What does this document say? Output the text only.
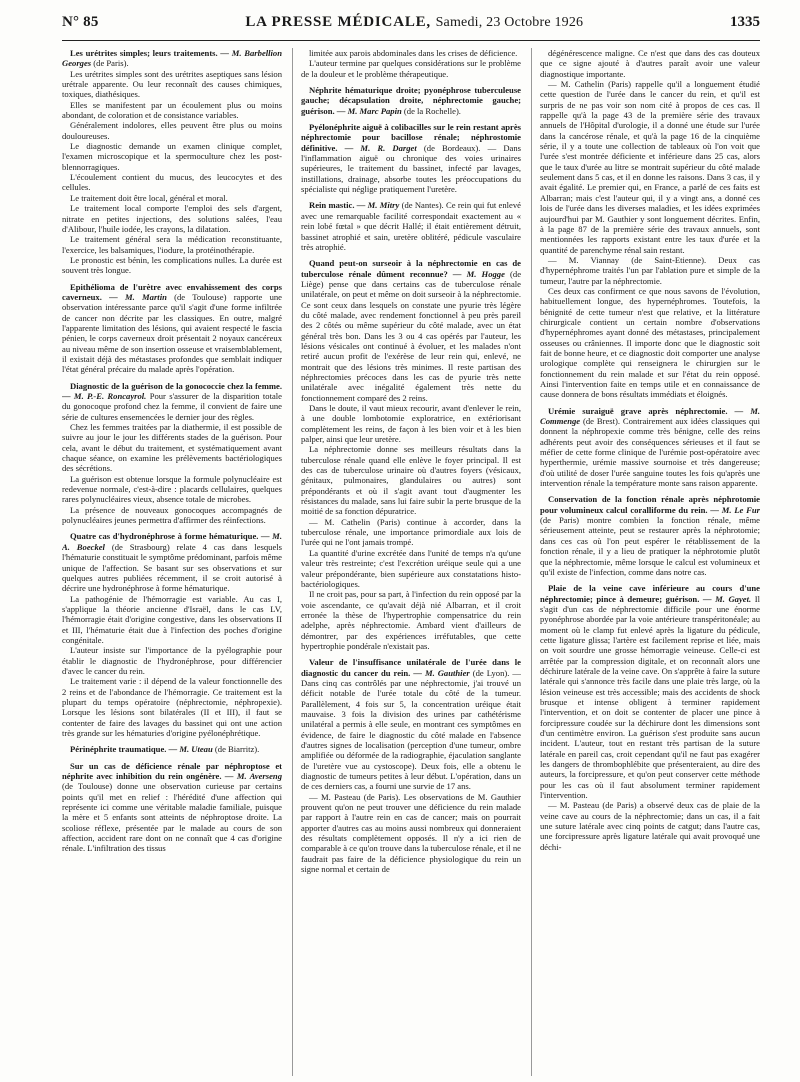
N° 85	LA PRESSE MÉDICALE, Samedi, 23 Octobre 1926	1335

Les urétrites simples; leurs traitements. — M. Barbellion Georges (de Paris).

Les urétrites simples sont des urétrites aseptiques sans lésion urétrale apparente. Ou leur reconnaît des causes chimiques, toxiques, diathésiques.

Elles se manifestent par un écoulement plus ou moins abondant, de coloration et de consistance variables.

Généralement indolores, elles peuvent être plus ou moins douloureuses.

Le diagnostic demande un examen clinique complet, l'examen microscopique et la spermoculture chez les post-blennorragiques.

L'écoulement contient du mucus, des leucocytes et des cellules.

Le traitement doit être local, général et moral.

Le traitement local comporte l'emploi des sels d'argent, nitrate en petites injections, des solutions salées, l'eau d'Alibour, l'huile iodée, les crayons, la dilatation.

Le traitement général sera la médication reconstituante, l'exercice, les balsamiques, l'iodure, la protéinothérapie.

Le pronostic est bénin, les complications nulles. La durée est souvent très longue.

Epithélioma de l'urètre avec envahissement des corps caverneux. — M. Martin (de Toulouse) rapporte une observation intéressante parce qu'il s'agit d'une forme infiltrée de cancer non décrite par les classiques. En outre, malgré l'apparente limitation des lésions, qui avaient respecté le fascia pénien, le corps caverneux droit présentait 2 noyaux cancéreux au niveau même de son insertion osseuse et vraisemblablement, il existait déjà des métastases profondes que semblait indiquer l'état général précaire du malade après l'opération.

Diagnostic de la guérison de la gonococcie chez la femme. — M. P.-E. Roncayrol. Pour s'assurer de la disparition totale du gonocoque profond chez la femme, il convient de faire une série de cultures ensemencées le dernier jour des règles.

Chez les femmes traitées par la diathermie, il est possible de suivre au jour le jour les différents stades de la guérison. Pour cela, avant le début du traitement, et systématiquement avant chaque séance, on examine les prélèvements bactériologiques des sécrétions.

La guérison est obtenue lorsque la formule polynucléaire est redevenue normale, c'est-à-dire : placards cellulaires, quelques rares polynucléaires vieux, absence totale de microbes.

La présence de nouveaux gonocoques accompagnés de polynucléaires jeunes permettra d'affirmer des réinfections.

Quatre cas d'hydronéphrose à forme hématurique. — M. A. Boeckel (de Strasbourg) relate 4 cas dans lesquels l'hématurie constituait le symptôme prédominant, parfois même unique de l'affection. Se basant sur ses observations et sur quelques autres publiées récemment, il se croit autorisé à décrire une hydronéphrose à forme hématurique.

La pathogénie de l'hémorragie est variable. Au cas I, s'applique la théorie ancienne d'Israël, dans le cas LV, l'hémorragie était d'origine congestive, dans les observations II et III, l'hématurie était due à l'infection des poches d'origine congénitale.

L'auteur insiste sur l'importance de la pyélographie pour établir le diagnostic de l'hydronéphrose, pour différencier d'avec le cancer du rein.

Le traitement varie : il dépend de la valeur fonctionnelle des 2 reins et de l'abondance de l'hémorragie. Ce traitement est la plupart du temps opératoire (néphrectomie, néphropexie). Lorsque les lésions sont bilatérales (II et III), il faut se contenter de faire des lavages du bassinet qui ont une action très grande sur les hématuries d'origine pyélonéphrétique.

Périnéphrite traumatique. — M. Uteau (de Biarritz).

Sur un cas de déficience rénale par néphroptose et néphrite avec inhibition du rein ongénère. — M. Averseng (de Toulouse) donne une observation curieuse par certains points qu'il met en relief : l'hérédité d'une affection qui représente ici comme une véritable maladie familiale, puisque la mère et 5 enfants sont atteints de néphroptose droite. La scoliose réflexe, présentée par le malade au cours de son affection, accident rare dont on ne connaît que 4 cas d'origine rénale. L'infiltration des tissus

limitée aux parois abdominales dans les crises de déficience.

L'auteur termine par quelques considérations sur le problème de la douleur et le problème thérapeutique.

Néphrite hématurique droite; pyonéphrose tuberculeuse gauche; décapsulation droite, néphrectomie gauche; guérison. — M. Marc Papin (de la Rochelle).

Pyélonéphrite aiguë à colibacilles sur le rein restant après néphrectomie pour bacillose rénale; néphrostomie définitive. — M. R. Darget (de Bordeaux). — Dans l'inflammation aiguë ou chronique des voies urinaires supérieures, le traitement du bassinet, infecté par lavages, instillations, drainage, absorbe toutes les préoccupations du spécialiste qui néglige pratiquement l'uretère.

Rein mastic. — M. Mitry (de Nantes). Ce rein qui fut enlevé avec une remarquable facilité correspondait exactement au « rein lobé fœtal » que décrit Hallé; il était entièrement détruit, bassinet atrophié et sain, uretère oblitéré, pédicule vasculaire très atrophié.

Quand peut-on surseoir à la néphrectomie en cas de tuberculose rénale dûment reconnue? — M. Hogge (de Liège) pense que dans certains cas de tuberculose rénale unilatérale, on peut et même on doit surseoir à la néphrectomie. Ce sont ceux dans lesquels on constate une pyurie très légère du côté malade, avec rendement fonctionnel à peu près pareil des 2 côtés ou même supérieur du côté malade, avec un état général très bon. Dans les 3 ou 4 cas opérés par l'auteur, les lésions vésicales ont continué à évoluer, et les malades n'ont retiré aucun profit de l'exérèse de leur rein qui, enlevé, ne montrait que des lésions très minimes. Il reste partisan des néphrectomies précoces dans les cas de pyurie très nette unilatérale avec inégalité également très nette du fonctionnement comparé des 2 reins.

Dans le doute, il vaut mieux recourir, avant d'enlever le rein, à une double lombotomie exploratrice, en extériorisant complètement les reins, de façon à les bien voir et à les bien palper, ainsi que leur uretère.

La néphrectomie donne ses meilleurs résultats dans la tuberculose rénale quand elle enlève le foyer principal. Il est des cas de tuberculose urinaire où d'autres foyers (vésicaux, génitaux, pulmonaires, glandulaires ou autres) sont prépondérants et où il s'agit avant tout d'augmenter les résistances du malade, sans lui faire subir la perte brusque de la moitié de sa fonction dépuratrice.

— M. Cathelin (Paris) continue à accorder, dans la tuberculose rénale, une importance primordiale aux lois de l'urée qui ne l'ont jamais trompé.

La quantité d'urine excrétée dans l'unité de temps n'a qu'une valeur très restreinte; c'est l'excrétion uréique seule qui a une valeur prépondérante, bien supérieure aux constatations histo-bactériologiques.

Il ne croit pas, pour sa part, à l'infection du rein opposé par la voie ascendante, ce qu'avait déjà nié Albarran, et il croit erronée la thèse de l'hypertrophie compensatrice du rein adelphe, après néphrectomie. Ambard vient d'ailleurs de démontrer, par des expériences irréfutables, que cette hypertrophie pondérale n'existait pas.

Valeur de l'insuffisance unilatérale de l'urée dans le diagnostic du cancer du rein. — M. Gauthier (de Lyon). — Dans cinq cas contrôlés par une néphrectomie, j'ai trouvé un déficit notable de l'urée totale du côté de la tumeur. Parallèlement, 4 fois sur 5, la concentration uréique était mauvaise. 3 fois la division des urines par cathétérisme unilatéral a permis à elle seule, en montrant ces symptômes en évidence, de faire le diagnostic du côté malade en l'absence d'autres signes de localisation (perception d'une tumeur, ombre amplifiée ou déformée de la radiographie, éjaculation sanglante de l'uretère vue au cystoscope). Deux fois, elle a obtenu le diagnostic de tumeurs petites à leur début. L'opération, dans un de ces derniers cas, a fourni une survie de 17 ans.

— M. Pasteau (de Paris). Les observations de M. Gauthier prouvent qu'on ne peut trouver une déficience du rein malade par rapport à l'autre rein en cas de cancer; mais on pourrait apporter d'autres cas au moins aussi nombreux qui donneraient des résultats complètement opposés. Il n'y a ici rien de comparable à ce qu'on trouve dans la tuberculose rénale, et il ne faudrait pas faire de la déficience physiologique du rein un signe normal et certain de

dégénérescence maligne. Ce n'est que dans des cas douteux que ce signe ajouté à d'autres paraît avoir une valeur diagnostique importante.

— M. Cathelin (Paris) rappelle qu'il a longuement étudié cette question de l'urée dans le cancer du rein, et qu'il est surpris de ne pas voir son nom cité à propos de ces cas. Il rappelle qu'à la page 43 de la première série des travaux annuels de l'Hôpital d'urologie, il a donné une étude sur l'urée dans la cancérose rénale, et qu'à la page 16 de la cinquième série, il y a toute une collection de tableaux où l'on voit que l'urée s'est montrée déficiente et inférieure dans 25 cas, alors que le taux d'urée au litre se montrait supérieur du côté malade seulement dans 5 cas, et il en donne les raisons. Dans 3 cas, il y avait égalité. Le premier qui, en France, a parlé de ces faits est Albarran; mais c'est l'auteur qui, il y a vingt ans, a donné ces lois de l'urée dans les diverses maladies, et les idées exprimées aujourd'hui par M. Gauthier y sont longuement décrites. Enfin, à la page 87 de la première série des travaux annuels, sont mentionnées les rapports existant entre les taux d'urée et la quantité de parenchyme rénal sain restant.

— M. Viannay (de Saint-Etienne). Deux cas d'hypernéphrome traités l'un par l'ablation pure et simple de la tumeur, l'autre par la néphrectomie.

Ces deux cas confirment ce que nous savons de l'évolution, habituellement longue, des hypernéphromes. Toutefois, la bénignité de cette tumeur n'est que relative, et la littérature chirurgicale contient un certain nombre d'observations d'hypernéphromes ayant donné des métastases, principalement osseuses ou crâniennes. Il importe donc que le diagnostic soit fait de bonne heure, et ce diagnostic doit comporter une analyse urologique complète qui renseignera le chirurgien sur le fonctionnement du rein malade et sur l'état du rein opposé. Ainsi l'intervention faite en temps utile et en connaissance de cause donnera de bons résultats immédiats et éloignés.

Urémie suraiguë grave après néphrectomie. — M. Commenge (de Brest). Contrairement aux idées classiques qui donnent la néphropexie comme très bénigne, celle des reins adhérents peut avoir des conséquences sérieuses et il faut se méfier de cette forme clinique de l'urémie post-opératoire avec hyperthermie, urémie massive sournoise et très dangereuse; d'où utilité de doser l'urée sanguine toutes les fois qu'après une intervention rénale la température monte sans raison apparente.

Conservation de la fonction rénale après néphrotomie pour volumineux calcul coralliforme du rein. — M. Le Fur (de Paris) montre combien la fonction rénale, même sérieusement atteinte, peut se restaurer après la néphrotomie; dans ces cas où l'on peut espérer le rétablissement de la fonction rénale, il y a lieu de pratiquer la néphrotomie plutôt que la néphrectomie, même lorsque le calcul est volumineux et qu'il existe de l'infection, comme dans notre cas.

Plaie de la veine cave inférieure au cours d'une néphrectomie; pince à demeure; guérison. — M. Gayet. Il s'agit d'un cas de néphrectomie difficile pour une énorme pyonéphrose abordée par la voie antérieure transpéritonéale; au moment où le clamp fut enlevé après la ligature du pédicule, cette ligature glissa; l'artère est facilement reprise et liée, mais on voit sourdre une grosse hémorragie veineuse. Celle-ci est arrêtée par la compression digitale, et on reconnaît alors une déchirure latérale de la veine cave. On s'apprête à faire la suture latérale qui s'annonce très facile dans une plaie très large, où la lésion veineuse est très accessible; mais des accidents de shock brusque et intense obligent à terminer rapidement l'intervention, et on doit se contenter de placer une pince à forcipressure coudée sur la déchirure dont les dimensions sont d'un centimètre environ. La guérison s'est produite sans aucun incident. L'auteur, tout en restant très partisan de la suture latérale en pareil cas, croit cependant qu'il ne faut pas exagérer les dangers de thrombophlébite que présenteraient, au dire des auteurs, la forcipressure, et qu'on peut conserver cette méthode pour les cas où il faut absolument terminer rapidement l'intervention.

— M. Pasteau (de Paris) a observé deux cas de plaie de la veine cave au cours de la néphrectomie; dans un cas, il a fait une suture latérale avec cinq points de catgut; dans l'autre cas, une forcipressure après ligature latérale qui avait provoqué une déchi-
